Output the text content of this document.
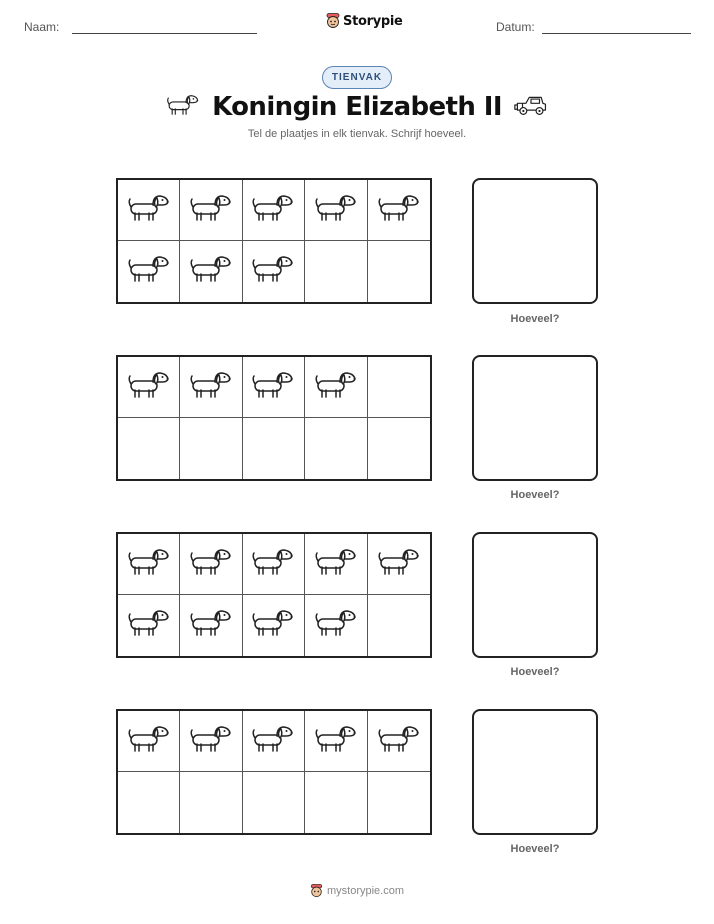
Naam:	Storypie	Datum:
TIENVAK
Koningin Elizabeth II

Tel de plaatjes in elk tienvak. Schrijf hoeveel.

Hoeveel?
Hoeveel?
Hoeveel?
Hoeveel?
mystorypie.com
